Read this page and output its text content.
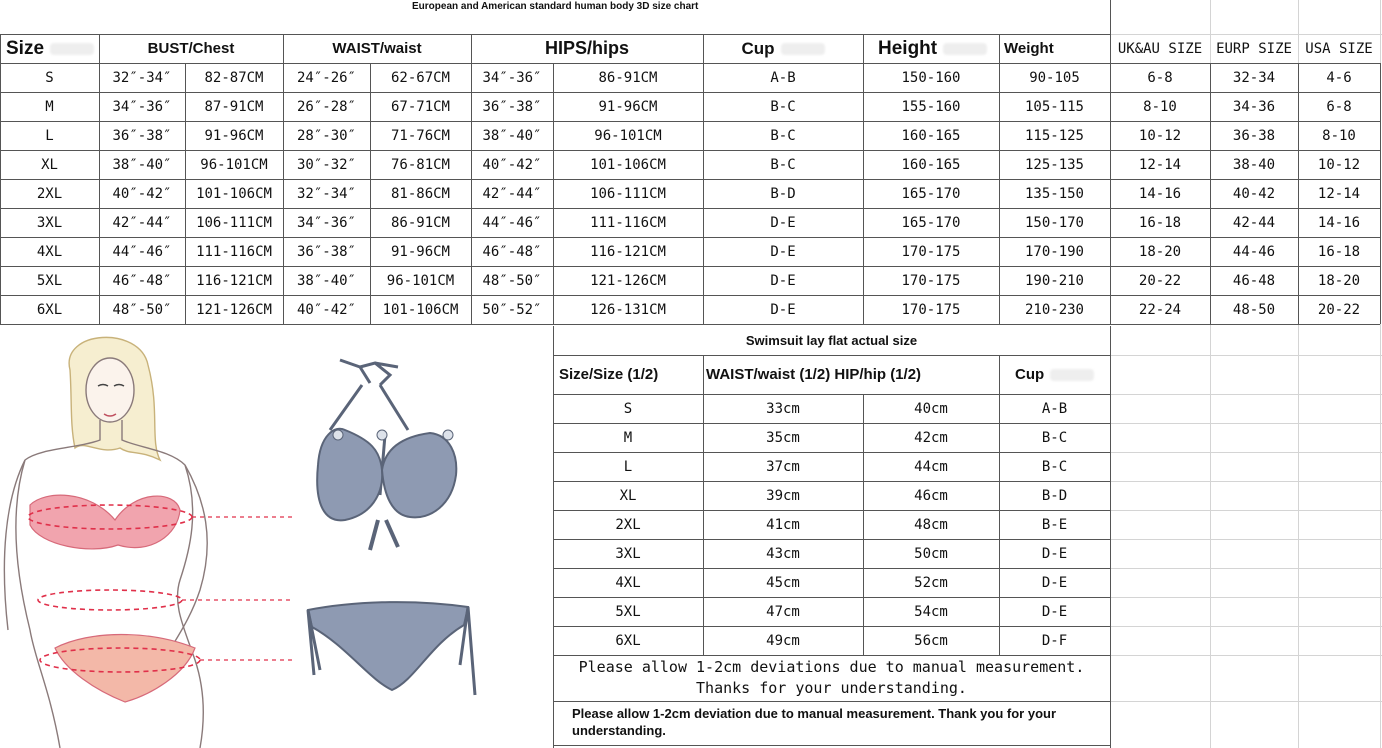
European and American standard human body 3D size chart
Size	BUST/Chest	WAIST/waist	HIPS/hips	Cup	Height	Weight	UK&AU SIZE EURP SIZE USA SIZE
S	32″-34″	82-87CM	24″-26″	62-67CM	34″-36″	86-91CM	A-B	150-160	90-105	6-8	32-34	4-6
M	34″-36″	87-91CM	26″-28″	67-71CM	36″-38″	91-96CM	B-C	155-160	105-115	8-10	34-36	6-8
L	36″-38″	91-96CM	28″-30″	71-76CM	38″-40″	96-101CM	B-C	160-165	115-125	10-12	36-38	8-10
XL	38″-40″	96-101CM	30″-32″	76-81CM	40″-42″	101-106CM	B-C	160-165	125-135	12-14	38-40	10-12
2XL	40″-42″	101-106CM	32″-34″	81-86CM	42″-44″	106-111CM	B-D	165-170	135-150	14-16	40-42	12-14
3XL	42″-44″	106-111CM	34″-36″	86-91CM	44″-46″	111-116CM	D-E	165-170	150-170	16-18	42-44	14-16
4XL	44″-46″	111-116CM	36″-38″	91-96CM	46″-48″	116-121CM	D-E	170-175	170-190	18-20	44-46	16-18
5XL	46″-48″	116-121CM	38″-40″	96-101CM	48″-50″	121-126CM	D-E	170-175	190-210	20-22	46-48	18-20
6XL	48″-50″	121-126CM	40″-42″	101-106CM	50″-52″	126-131CM	D-E	170-175	210-230	22-24	48-50	20-22
Swimsuit lay flat actual size
Size/Size (1/2)	WAIST/waist (1/2) HIP/hip (1/2)	Cup
S	33cm	40cm	A-B
M	35cm	42cm	B-C
L	37cm	44cm	B-C
XL	39cm	46cm	B-D
2XL	41cm	48cm	B-E
3XL	43cm	50cm	D-E
4XL	45cm	52cm	D-E
5XL	47cm	54cm	D-E
6XL	49cm	56cm	D-F
Please allow 1-2cm deviations due to manual measurement. Thanks for your understanding.
Please allow 1-2cm deviation due to manual measurement. Thank you for your understanding.
